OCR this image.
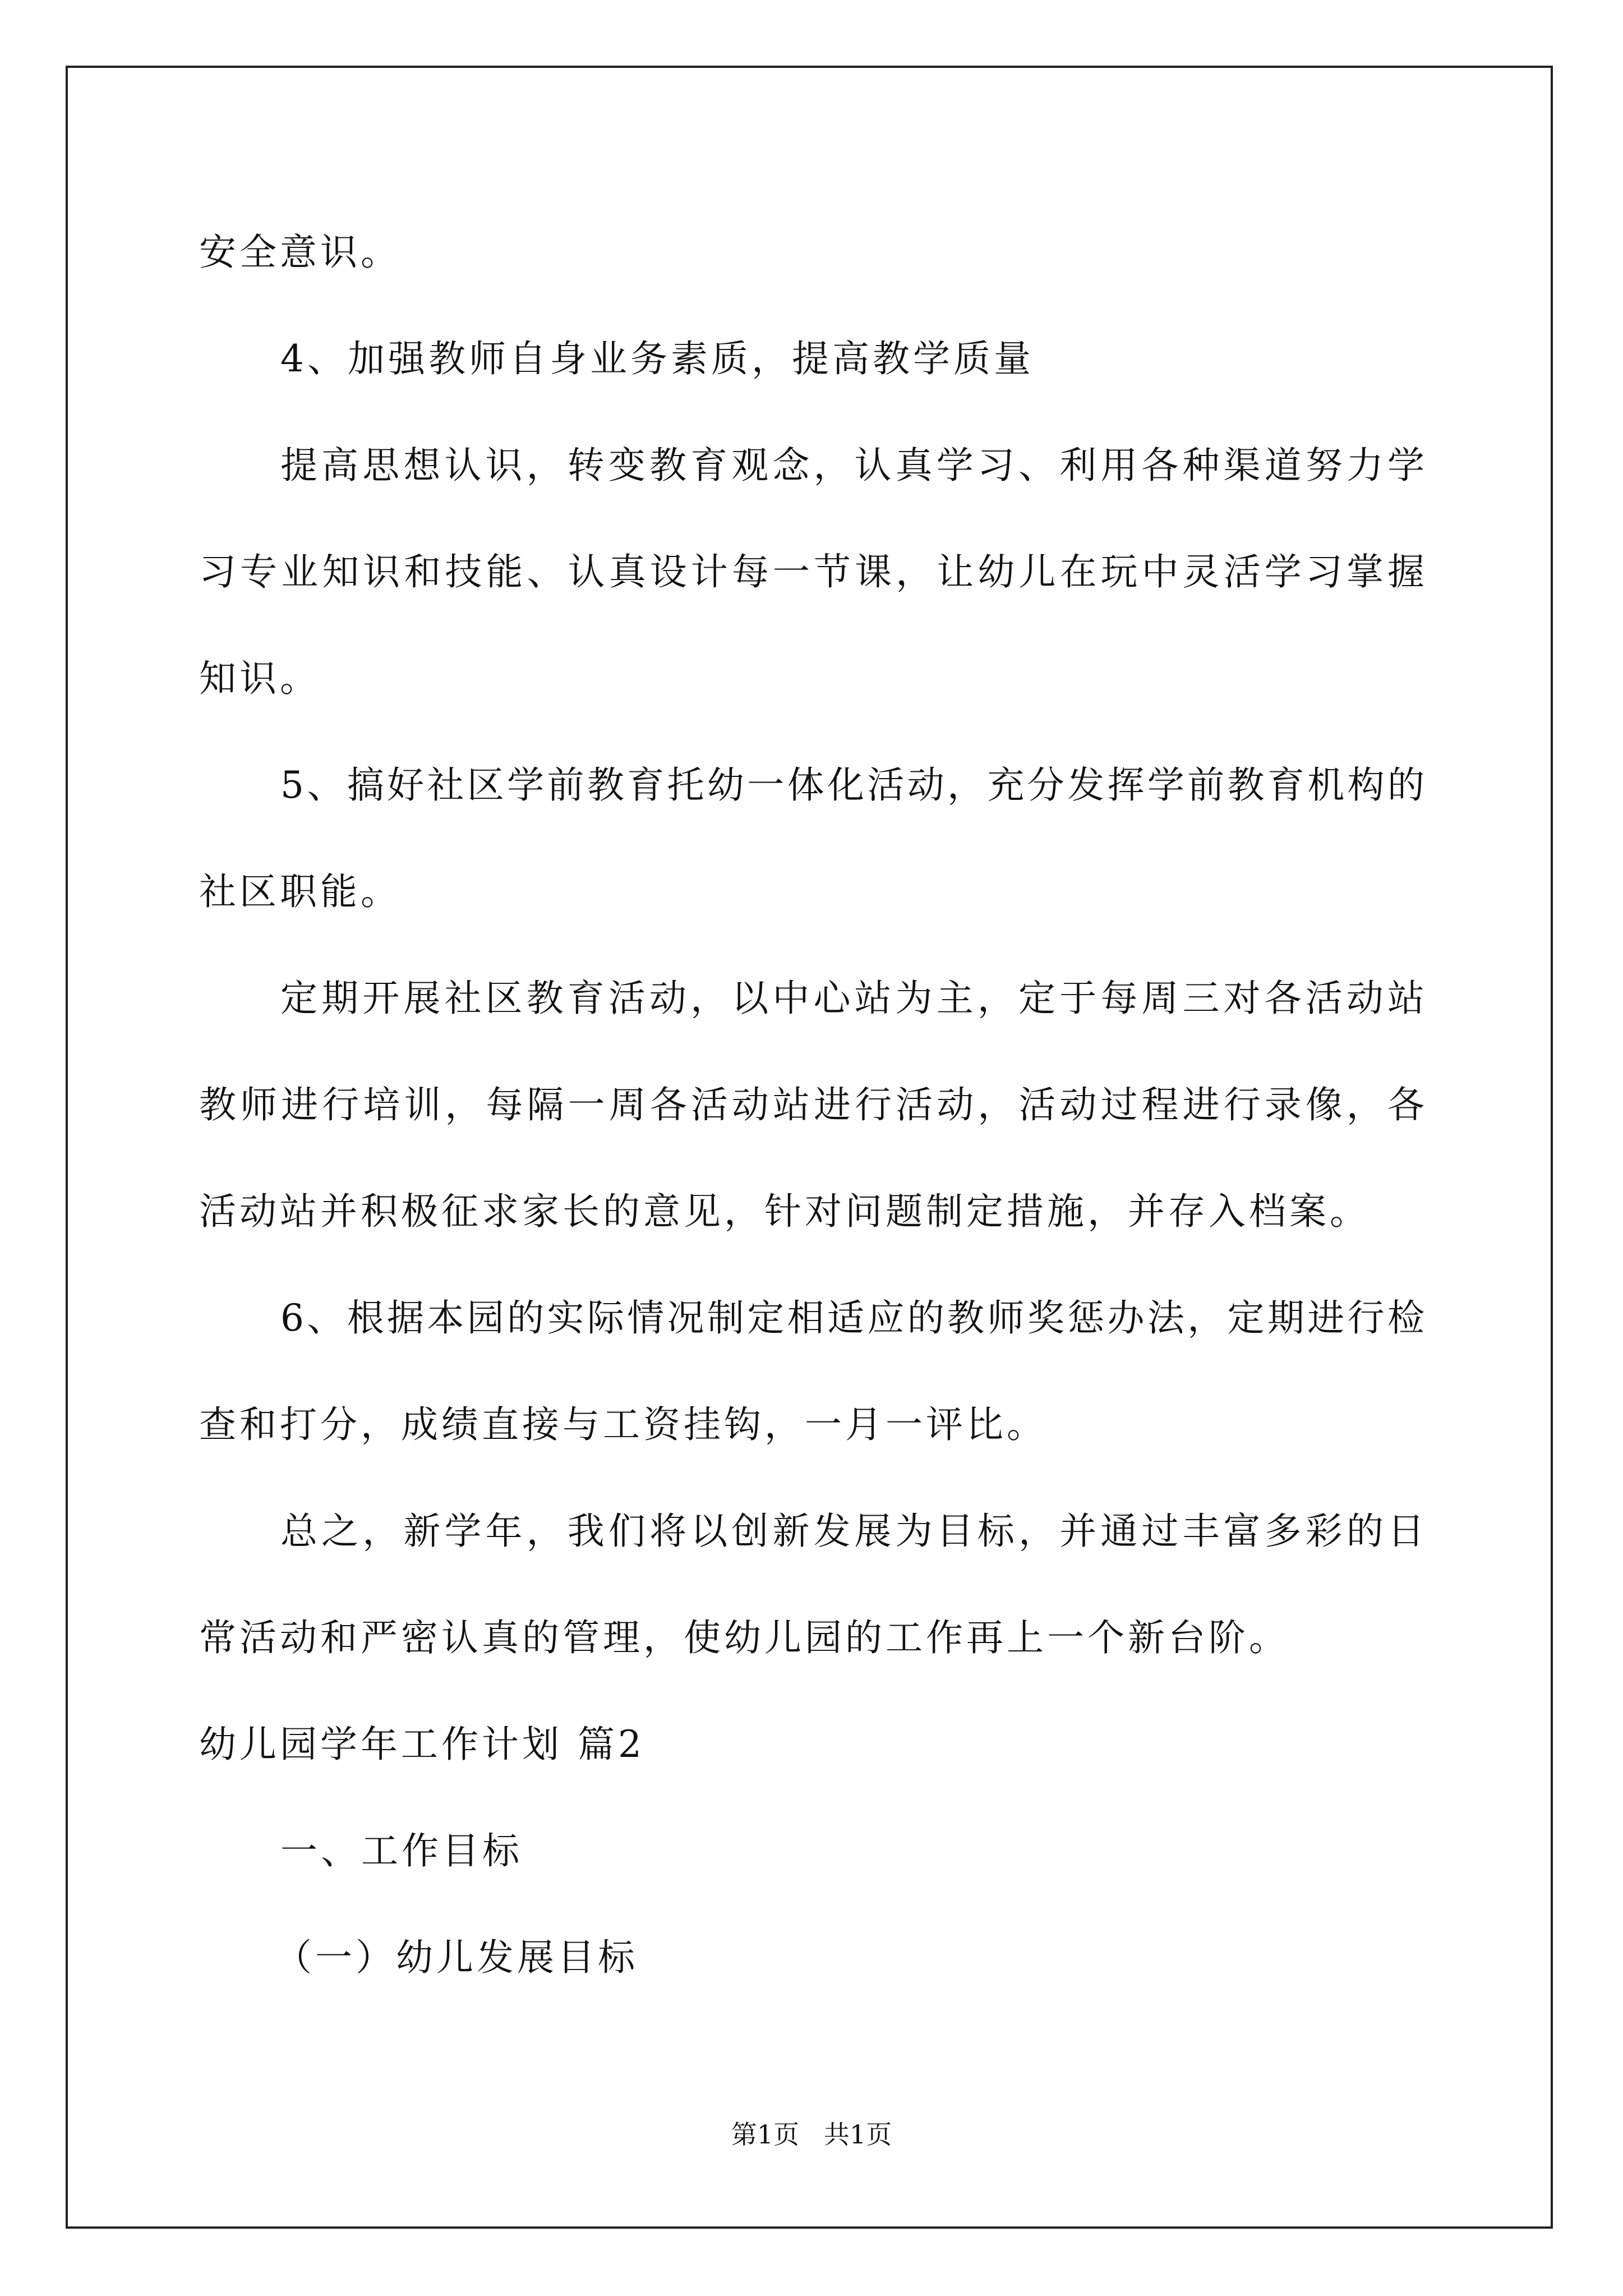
安全意识。

4、加强教师自身业务素质，提高教学质量

提高思想认识，转变教育观念，认真学习、利用各种渠道努力学

习专业知识和技能、认真设计每一节课，让幼儿在玩中灵活学习掌握

知识。

5、搞好社区学前教育托幼一体化活动，充分发挥学前教育机构的

社区职能。

定期开展社区教育活动，以中心站为主，定于每周三对各活动站

教师进行培训，每隔一周各活动站进行活动，活动过程进行录像，各

活动站并积极征求家长的意见，针对问题制定措施，并存入档案。

6、根据本园的实际情况制定相适应的教师奖惩办法，定期进行检

查和打分，成绩直接与工资挂钩，一月一评比。

总之，新学年，我们将以创新发展为目标，并通过丰富多彩的日

常活动和严密认真的管理，使幼儿园的工作再上一个新台阶。

幼儿园学年工作计划 篇2

一、工作目标

（一）幼儿发展目标

第1页   共1页
